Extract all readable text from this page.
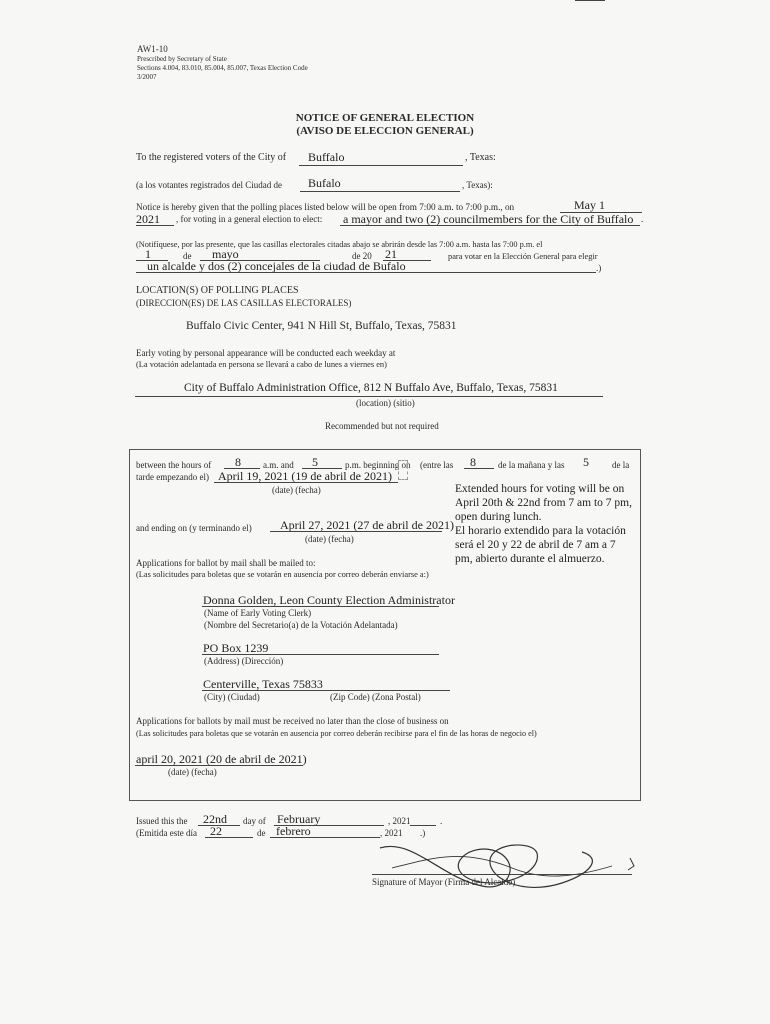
AW1-10
Prescribed by Secretary of State
Sections 4.004, 83.010, 85.004, 85.007, Texas Election Code
3/2007
NOTICE OF GENERAL ELECTION
(AVISO DE ELECCION GENERAL)
To the registered voters of the City of Buffalo	, Texas:
(a los votantes registrados del Ciudad de Bufalo	, Texas):
Notice is hereby given that the polling places listed below will be open from 7:00 a.m. to 7:00 p.m., on	May 1
2021 , for voting in a general election to elect: a mayor and two (2) councilmembers for the City of Buffalo .
(Notifíquese, por las presente, que las casillas electorales citadas abajo se abrirán desde las 7:00 a.m. hasta las 7:00 p.m. el
1	de mayo	de 20 21	para votar en la Elección General para elegir
un alcalde y dos (2) concejales de la ciudad de Bufalo	.)
LOCATION(S) OF POLLING PLACES
(DIRECCION(ES) DE LAS CASILLAS ELECTORALES)
Buffalo Civic Center, 941 N Hill St, Buffalo, Texas, 75831
Early voting by personal appearance will be conducted each weekday at
(La votación adelantada en persona se llevará a cabo de lunes a viernes en)
City of Buffalo Administration Office, 812 N Buffalo Ave, Buffalo, Texas, 75831
(location) (sitio)
Recommended but not required
between the hours of 8 a.m. and 5	p.m. beginning on (entre las 8 de la mañana y las 5	de la
tarde empezando el) April 19, 2021 (19 de abril de 2021)
(date) (fecha)	Extended hours for voting will be on
April 20th & 22nd from 7 am to 7 pm,
open during lunch.
El horario extendido para la votación
será el 20 y 22 de abril de 7 am a 7
pm, abierto durante el almuerzo.
and ending on (y terminando el) April 27, 2021 (27 de abril de 2021)
(date) (fecha)
Applications for ballot by mail shall be mailed to:
(Las solicitudes para boletas que se votarán en ausencia por correo deberán enviarse a:)
Donna Golden, Leon County Election Administrator
(Name of Early Voting Clerk)
(Nombre del Secretario(a) de la Votación Adelantada)
PO Box 1239
(Address) (Dirección)
Centerville, Texas 75833
(City) (Ciudad)	(Zip Code) (Zona Postal)
Applications for ballots by mail must be received no later than the close of business on
(Las solicitudes para boletas que se votarán en ausencia por correo deberán recibirse para el fin de las horas de negocio el)
april 20, 2021 (20 de abril de 2021)
(date) (fecha)
Issued this the 22nd day of February	, 2021	.
(Emitida este día 22	de febrero	, 2021 .)
Signature of Mayor (Firma del Alcalde)
